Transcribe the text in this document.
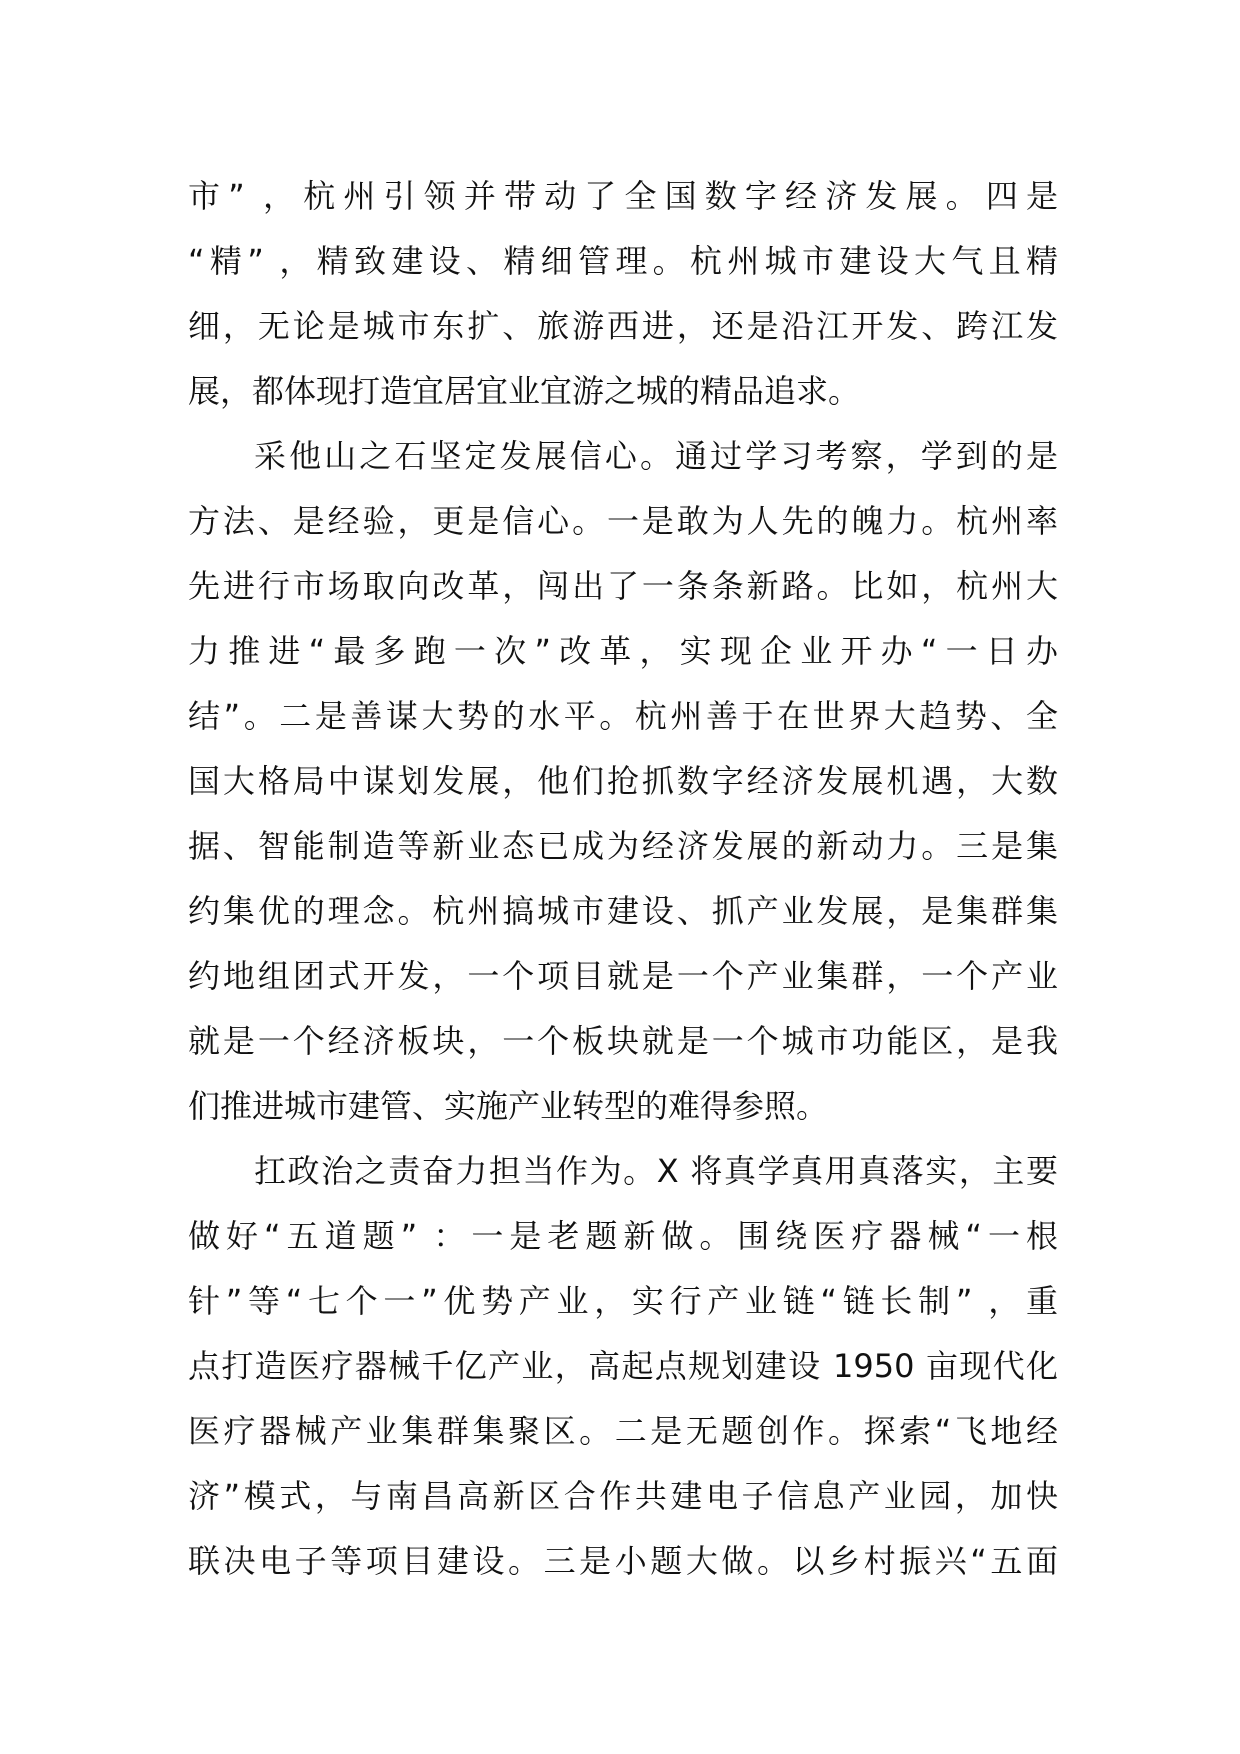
市” ，杭州引领并带动了全国数字经济发展。四是
“精” ，精致建设、精细管理。杭州城市建设大气且精
细，无论是城市东扩、旅游西进，还是沿江开发、跨江发
展，都体现打造宜居宜业宜游之城的精品追求。
采他山之石坚定发展信心。通过学习考察，学到的是
方法、是经验，更是信心。一是敢为人先的魄力。杭州率
先进行市场取向改革，闯出了一条条新路。比如，杭州大
力推进“最多跑一次”改革，实现企业开办“一日办
结”。二是善谋大势的水平。杭州善于在世界大趋势、全
国大格局中谋划发展，他们抢抓数字经济发展机遇，大数
据、智能制造等新业态已成为经济发展的新动力。三是集
约集优的理念。杭州搞城市建设、抓产业发展，是集群集
约地组团式开发，一个项目就是一个产业集群，一个产业
就是一个经济板块，一个板块就是一个城市功能区，是我
们推进城市建管、实施产业转型的难得参照。
扛政治之责奋力担当作为。X 将真学真用真落实，主要
做好“五道题” ：一是老题新做。围绕医疗器械“一根
针”等“七个一”优势产业，实行产业链“链长制” ，重
点打造医疗器械千亿产业，高起点规划建设 1950 亩现代化
医疗器械产业集群集聚区。二是无题创作。探索“飞地经
济”模式，与南昌高新区合作共建电子信息产业园，加快
联决电子等项目建设。三是小题大做。以乡村振兴“五面
